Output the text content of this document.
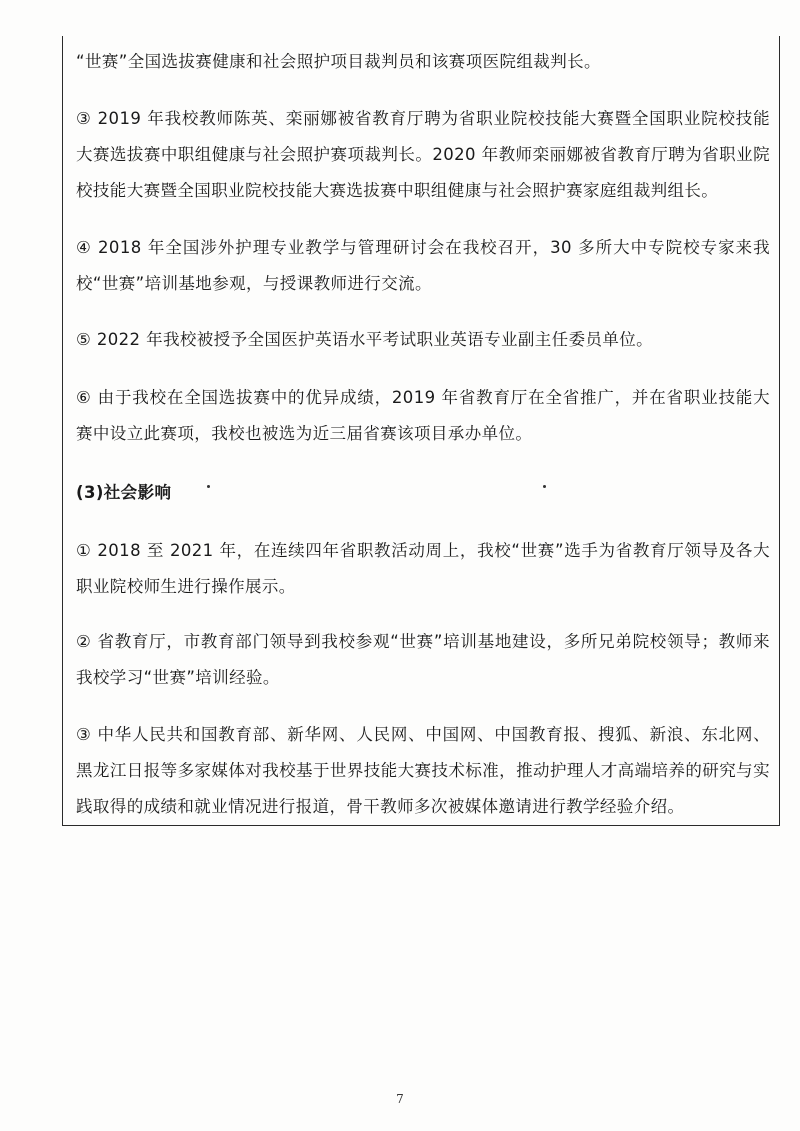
“世赛”全国选拔赛健康和社会照护项目裁判员和该赛项医院组裁判长。

③ 2019 年我校教师陈英、栾丽娜被省教育厅聘为省职业院校技能大赛暨全国职业院校技能大赛选拔赛中职组健康与社会照护赛项裁判长。2020 年教师栾丽娜被省教育厅聘为省职业院校技能大赛暨全国职业院校技能大赛选拔赛中职组健康与社会照护赛家庭组裁判组长。

④ 2018 年全国涉外护理专业教学与管理研讨会在我校召开，30 多所大中专院校专家来我校“世赛”培训基地参观，与授课教师进行交流。

⑤ 2022 年我校被授予全国医护英语水平考试职业英语专业副主任委员单位。

⑥ 由于我校在全国选拔赛中的优异成绩，2019 年省教育厅在全省推广，并在省职业技能大赛中设立此赛项，我校也被选为近三届省赛该项目承办单位。

(3)社会影响

① 2018 至 2021 年，在连续四年省职教活动周上，我校“世赛”选手为省教育厅领导及各大职业院校师生进行操作展示。

② 省教育厅，市教育部门领导到我校参观“世赛”培训基地建设，多所兄弟院校领导；教师来我校学习“世赛”培训经验。

③ 中华人民共和国教育部、新华网、人民网、中国网、中国教育报、搜狐、新浪、东北网、黑龙江日报等多家媒体对我校基于世界技能大赛技术标准，推动护理人才高端培养的研究与实践取得的成绩和就业情况进行报道，骨干教师多次被媒体邀请进行教学经验介绍。

7
